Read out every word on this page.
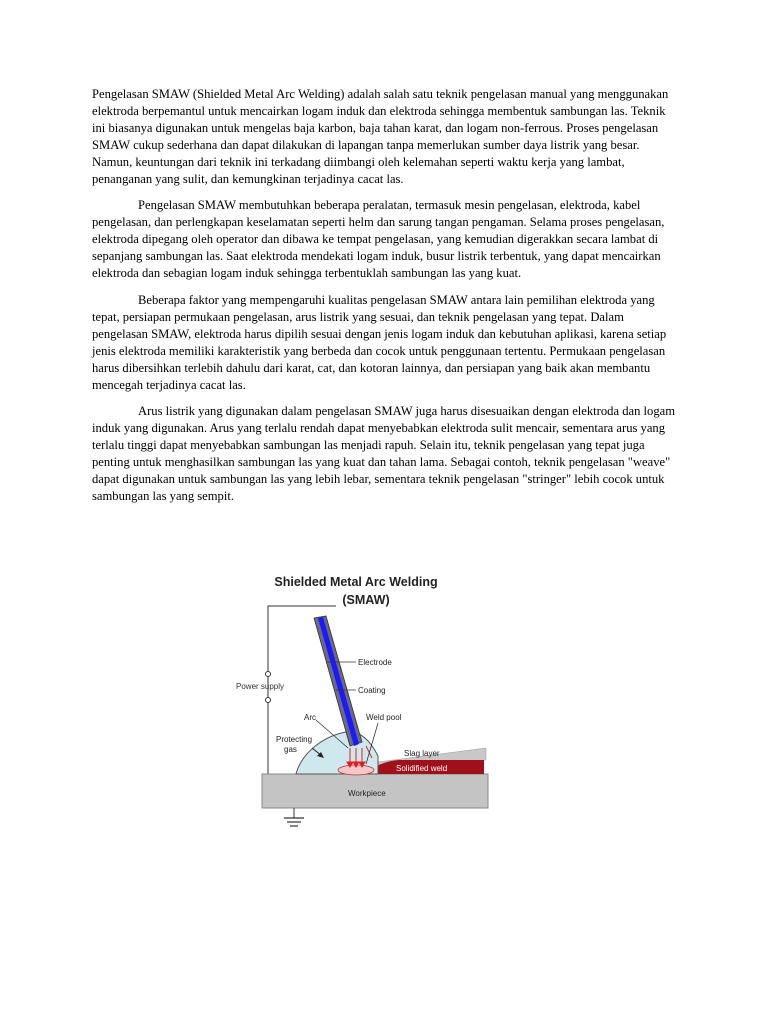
Pengelasan SMAW (Shielded Metal Arc Welding) adalah salah satu teknik pengelasan manual yang menggunakan elektroda berpemantul untuk mencairkan logam induk dan elektroda sehingga membentuk sambungan las. Teknik ini biasanya digunakan untuk mengelas baja karbon, baja tahan karat, dan logam non-ferrous. Proses pengelasan SMAW cukup sederhana dan dapat dilakukan di lapangan tanpa memerlukan sumber daya listrik yang besar. Namun, keuntungan dari teknik ini terkadang diimbangi oleh kelemahan seperti waktu kerja yang lambat, penanganan yang sulit, dan kemungkinan terjadinya cacat las.

Pengelasan SMAW membutuhkan beberapa peralatan, termasuk mesin pengelasan, elektroda, kabel pengelasan, dan perlengkapan keselamatan seperti helm dan sarung tangan pengaman. Selama proses pengelasan, elektroda dipegang oleh operator dan dibawa ke tempat pengelasan, yang kemudian digerakkan secara lambat di sepanjang sambungan las. Saat elektroda mendekati logam induk, busur listrik terbentuk, yang dapat mencairkan elektroda dan sebagian logam induk sehingga terbentuklah sambungan las yang kuat.

Beberapa faktor yang mempengaruhi kualitas pengelasan SMAW antara lain pemilihan elektroda yang tepat, persiapan permukaan pengelasan, arus listrik yang sesuai, dan teknik pengelasan yang tepat. Dalam pengelasan SMAW, elektroda harus dipilih sesuai dengan jenis logam induk dan kebutuhan aplikasi, karena setiap jenis elektroda memiliki karakteristik yang berbeda dan cocok untuk penggunaan tertentu. Permukaan pengelasan harus dibersihkan terlebih dahulu dari karat, cat, dan kotoran lainnya, dan persiapan yang baik akan membantu mencegah terjadinya cacat las.

Arus listrik yang digunakan dalam pengelasan SMAW juga harus disesuaikan dengan elektroda dan logam induk yang digunakan. Arus yang terlalu rendah dapat menyebabkan elektroda sulit mencair, sementara arus yang terlalu tinggi dapat menyebabkan sambungan las menjadi rapuh. Selain itu, teknik pengelasan yang tepat juga penting untuk menghasilkan sambungan las yang kuat dan tahan lama. Sebagai contoh, teknik pengelasan "weave" dapat digunakan untuk sambungan las yang lebih lebar, sementara teknik pengelasan "stringer" lebih cocok untuk sambungan las yang sempit.

Shielded Metal Arc Welding
(SMAW)
Power supply
Workpiece
Slag layer
Solidified weld
Protecting
gas
Electrode
Coating
Arc	Weld pool
